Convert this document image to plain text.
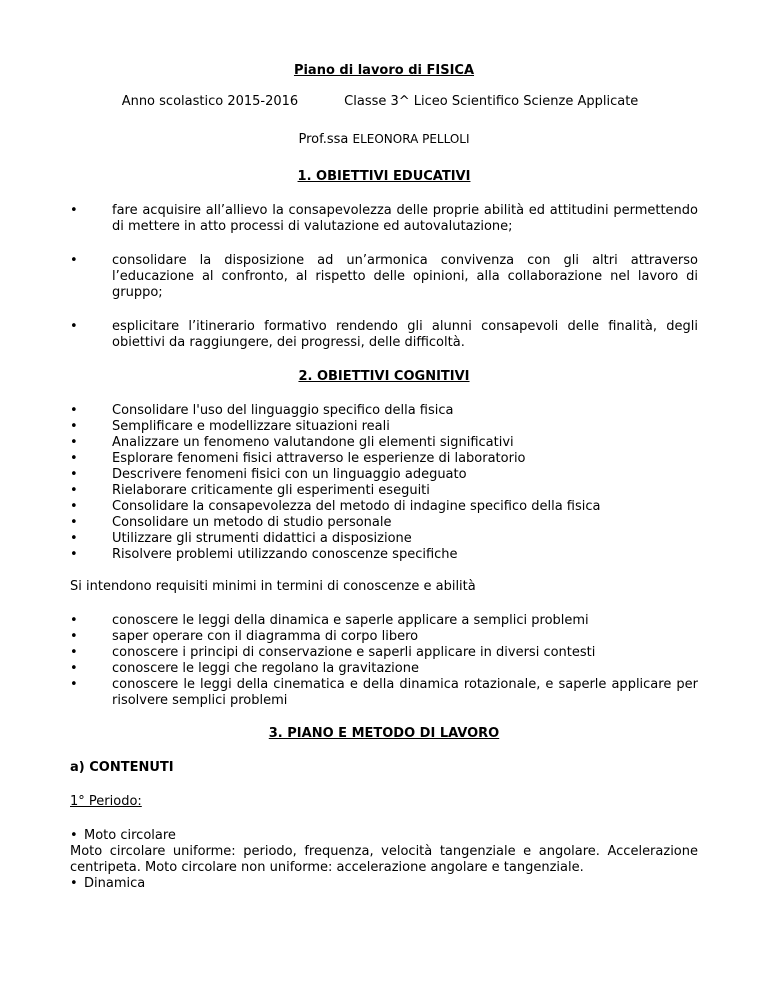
Piano di lavoro di FISICA
Anno scolastico 2015-2016	Classe 3^ Liceo Scientifico Scienze Applicate
Prof.ssa ELEONORA PELLOLI
1. OBIETTIVI EDUCATIVI
•	fare acquisire all’allievo la consapevolezza delle proprie abilità ed attitudini permettendo di mettere in atto processi di valutazione ed autovalutazione;
•	consolidare la disposizione ad un’armonica convivenza con gli altri attraverso l’educazione al confronto, al rispetto delle opinioni, alla collaborazione nel lavoro di gruppo;
•	esplicitare l’itinerario formativo rendendo gli alunni consapevoli delle finalità, degli obiettivi da raggiungere, dei progressi, delle difficoltà.
2. OBIETTIVI COGNITIVI
•	Consolidare l'uso del linguaggio specifico della fisica
•	Semplificare e modellizzare situazioni reali
•	Analizzare un fenomeno valutandone gli elementi significativi
•	Esplorare fenomeni fisici attraverso le esperienze di laboratorio
•	Descrivere fenomeni fisici con un linguaggio adeguato
•	Rielaborare criticamente gli esperimenti eseguiti
•	Consolidare la consapevolezza del metodo di indagine specifico della fisica
•	Consolidare un metodo di studio personale
•	Utilizzare gli strumenti didattici a disposizione
•	Risolvere problemi utilizzando conoscenze specifiche
Si intendono requisiti minimi in termini di conoscenze e abilità
•	conoscere le leggi della dinamica e saperle applicare a semplici problemi
•	saper operare con il diagramma di corpo libero
•	conoscere i principi di conservazione e saperli applicare in diversi contesti
•	conoscere le leggi che regolano la gravitazione
•	conoscere le leggi della cinematica e della dinamica rotazionale, e saperle applicare per risolvere semplici problemi
3. PIANO E METODO DI LAVORO
a) CONTENUTI
1° Periodo:
• Moto circolare
Moto circolare uniforme: periodo, frequenza, velocità tangenziale e angolare. Accelerazione centripeta. Moto circolare non uniforme: accelerazione angolare e tangenziale.
• Dinamica
